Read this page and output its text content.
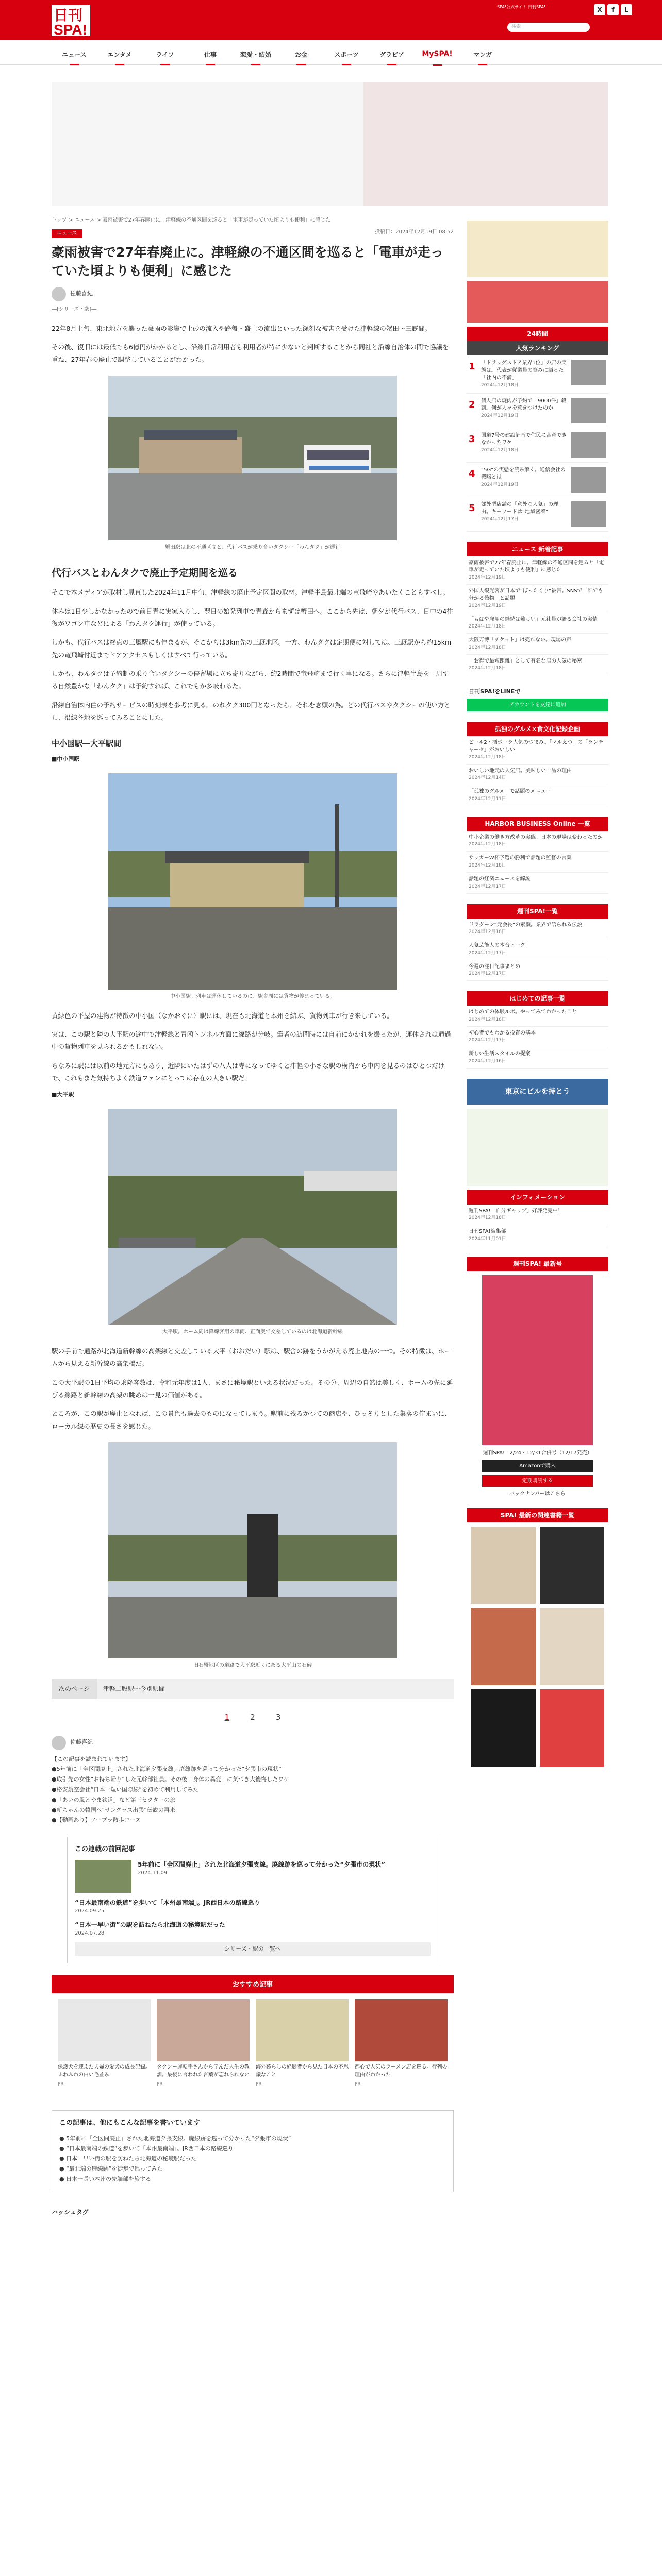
日刊SPA!
SPA!公式サイト 日刊SPA!
検索
X	f	L
ニュース	エンタメ	ライフ	仕事	恋愛・結婚	お金	スポーツ	グラビア	MySPA!	マンガ
トップ > ニュース > 豪雨被害で27年春廃止に。津軽線の不通区間を巡ると「電車が走っていた頃よりも便利」に感じた
ニュース	投稿日：2024年12月19日 08:52
豪雨被害で27年春廃止に。津軽線の不通区間を巡ると「電車が走っていた頃よりも便利」に感じた
佐藤喜紀
―[シリーズ・駅]―

22年8月上旬、東北地方を襲った豪雨の影響で土砂の流入や路盤・盛土の流出といった深刻な被害を受けた津軽線の蟹田～三厩間。

その後、復旧には最低でも6億円がかかるとし、沿線日常利用者も利用者が特に少ないと判断することから同社と沿線自治体の間で協議を重ね、27年春の廃止で調整していることがわかった。

蟹田駅は北の不通区間と、代行バスが乗り合いタクシー「わんタク」が運行
代行バスとわんタクで廃止予定期間を巡る

そこで本メディアが取材し見直した2024年11月中旬、津軽線の廃止予定区間の取材。津軽半島最北端の竜飛崎やあいたくこともすべし。

休みは1日少しかなかったので前日青に実家入りし、翌日の始発列車で青森からまずは蟹田へ。ここから先は、朝夕が代行バス、日中の4往復がワゴン車などによる「わんタク運行」が使っている。

しかも、代行バスは終点の三厩駅にも停まるが、そこからは3km先の三厩地区。一方、わんタクは定期便に対しては、三厩駅から約15km先の竜飛崎付近までドアアクセスもしくはすべて行っている。

しかも、わんタクは予約制の乗り合いタクシーの停留場に立ち寄りながら、約2時間で竜飛崎まで行く事になる。さらに津軽半島を一周する自然豊かな「わんタク」は予約すれば、これでもか多岐わるた。

沿線自治体内住の予約サービスの時刻表を参考に見る。のれタク300円となったら、それを念頭の為。どの代行バスやタクシーの使い方とし、沿線各地を巡ってみることにした。

中小国駅―大平駅間
■中小国駅
中小国駅。列車は運休しているのに、駅舎周には貨物が停まっている。

黄緑色の平屋の建物が特徴の中小国（なかおぐに）駅には、現在も北海道と本州を結ぶ、貨物列車が行き来している。

実は、この駅と隣の大平駅の途中で津軽線と青函トンネル方面に線路が分岐。筆者の訪問時には自前にかかれを撮ったが、運休されは通過中の貨物列車を見られるかもしれない。

ちなみに駅には以前の地元方にもあり、近隣にいたはずの八人は寺になってゆくと津軽の小さな駅の構内から車内を見るのはひとつだけで、これもまた気持ちよく鉄道ファンにとっては存在の大きい駅だ。

■大平駅
大平駅。ホーム周は降線客用の車両、正面奥で交差しているのは北海道新幹線

駅の手前で通路が北海道新幹線の高架線と交差している大平（おおだい）駅は、駅舎の跡をうかがえる廃止地点の一つ。その特徴は、ホームから見える新幹線の高架橋だ。

この大平駅の1日平均の乗降客数は、令和元年度は1人、まさに秘境駅といえる状況だった。その分、周辺の自然は美しく、ホームの先に延びる線路と新幹線の高架の眺めは一見の価値がある。

ところが、この駅が廃止となれば、この景色も過去のものになってしまう。駅前に残るかつての商店や、ひっそりとした集落の佇まいに、ローカル線の歴史の長さを感じた。

旧石蟹地区の道路で大平駅近くにある大平山の石碑
次のページ	津軽二股駅～今別駅間
1	2	3
佐藤喜紀
【この記事を読まれています】
●5年前に「全区間廃止」された北海道夕張支線。廃線跡を巡って分かった“夕張市の現状”
●取引先の女性“お持ち帰り”した元幹部社員。その後「身体の異変」に気づき大後悔したワケ
●格安航空会社“日本一短い国際線”を初めて利用してみた
●「あいの風とやま鉄道」など第三セクターの旅
●新ちゃんの韓国へ“サングラス出張”伝説の再来
●【動画あり】ノーブラ散歩コース
この連載の前回記事
5年前に「全区間廃止」された北海道夕張支線。廃線跡を巡って分かった“夕張市の現状”
2024.11.09
“日本最南端の鉄道”を歩いて「本州最南端」。JR西日本の路線巡り
2024.09.25
“日本一早い街”の駅を訪ねたら北海道の秘境駅だった
2024.07.28
シリーズ・駅の一覧へ
おすすめ記事

保護犬を迎えた夫婦の愛犬の成長記録。ふわふわの白い毛並み

PR

タクシー運転手さんから学んだ人生の教訓。最後に言われた言葉が忘れられない

PR

海外暮らしの経験者から見た日本の不思議なこと

PR

都心で人気のラーメン店を巡る。行列の理由がわかった

PR
この記事は、他にもこんな記事を書いています
● 5年前に「全区間廃止」された北海道夕張支線。廃線跡を巡って分かった“夕張市の現状”
● “日本最南端の鉄道”を歩いて「本州最南端」。JR西日本の路線巡り
● 日本一早い街の駅を訪ねたら北海道の秘境駅だった
● “最北端の廃線跡”を徒歩で巡ってみた
● 日本一長い本州の先端部を旅する
ハッシュタグ
24時間
人気ランキング
1	「ドラッグストア業界1位」の店の実態は。代表が従業員の悩みに語った「社内の不満」
2024年12月18日
2	個人店の焼肉が予約で「9000件」殺到。何が人々を惹きつけたのか
2024年12月19日
3	国道7号の建設計画で住民に合意できなかったワケ
2024年12月18日
4	“5G”の実態を読み解く。通信会社の戦略とは
2024年12月19日
5	郊外型店舗の「意外な人気」の理由。キーワードは“地域密着”
2024年12月17日
ニュース 新着記事
豪雨被害で27年春廃止に。津軽線の不通区間を巡ると「電車が走っていた頃よりも便利」に感じた
2024年12月19日
外国人観光客が日本で“ぼったくり”被害。SNSで「誰でも分かる偽物」と話題
2024年12月19日
「もはや雇用の継続は難しい」元社員が語る会社の実情
2024年12月18日
大阪万博「チケット」は売れない。現場の声
2024年12月18日
「お得で最短距離」として有名な店の人気の秘密
2024年12月18日
日刊SPA!をLINEで
アカウントを友達に追加
孤独のグルメ×食文化記録企画
ビール2・酒ボーラ人気のつまみ。「マルえつ」の「ランチャーセ」がおいしい
2024年12月18日
おいしい地元の人気店。美味しい一品の理由
2024年12月14日
「孤独のグルメ」で話題のメニュー
2024年12月11日
HARBOR BUSINESS Online 一覧
中小企業の働き方改革の実態。日本の現場は変わったのか
2024年12月18日
サッカーW杯予選の勝利で話題の監督の言葉
2024年12月18日
話題の経済ニュースを解説
2024年12月17日
週刊SPA!一覧
ドラグーン“元会長”の素顔。業界で語られる伝説
2024年12月18日
人気芸能人の本音トーク
2024年12月17日
今週の注目記事まとめ
2024年12月17日
はじめての記事一覧
はじめての体験ルポ。やってみてわかったこと
2024年12月18日
初心者でもわかる投資の基本
2024年12月17日
新しい生活スタイルの提案
2024年12月16日
東京にビルを持とう
インフォメーション
週刊SPA!「自分ギャップ」好評発売中！
2024年12月18日
日刊SPA!編集部
2024年11月01日
週刊SPA! 最新号
週刊SPA! 12/24・12/31合併号（12/17発売）
Amazonで購入
定期購読する
バックナンバーはこちら
SPA! 最新の関連書籍一覧
